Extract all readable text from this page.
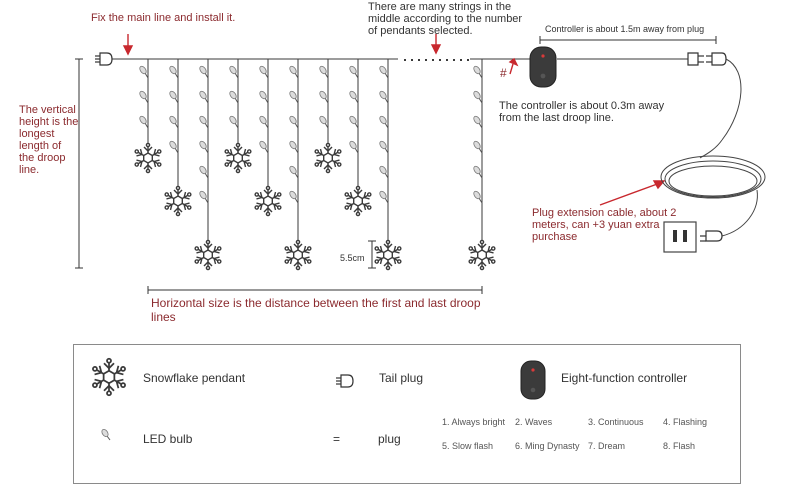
Fix the main line and install it.
There are many strings in the middle according to the number of pendants selected.	Controller is about 1.5m away from plug
The vertical height is the longest length of the droop line.
The controller is about 0.3m away from the last droop line.
5.5cm
Plug extension cable, about 2 meters, can +3 yuan extra purchase
Horizontal size is the distance between the first and last droop lines
#
Snowflake pendant	Tail plug	Eight-function controller
LED bulb	=	plug
1. Always bright 2. Waves	3. Continuous 4. Flashing
5. Slow flash 6. Ming Dynasty 7. Dream	8. Flash
